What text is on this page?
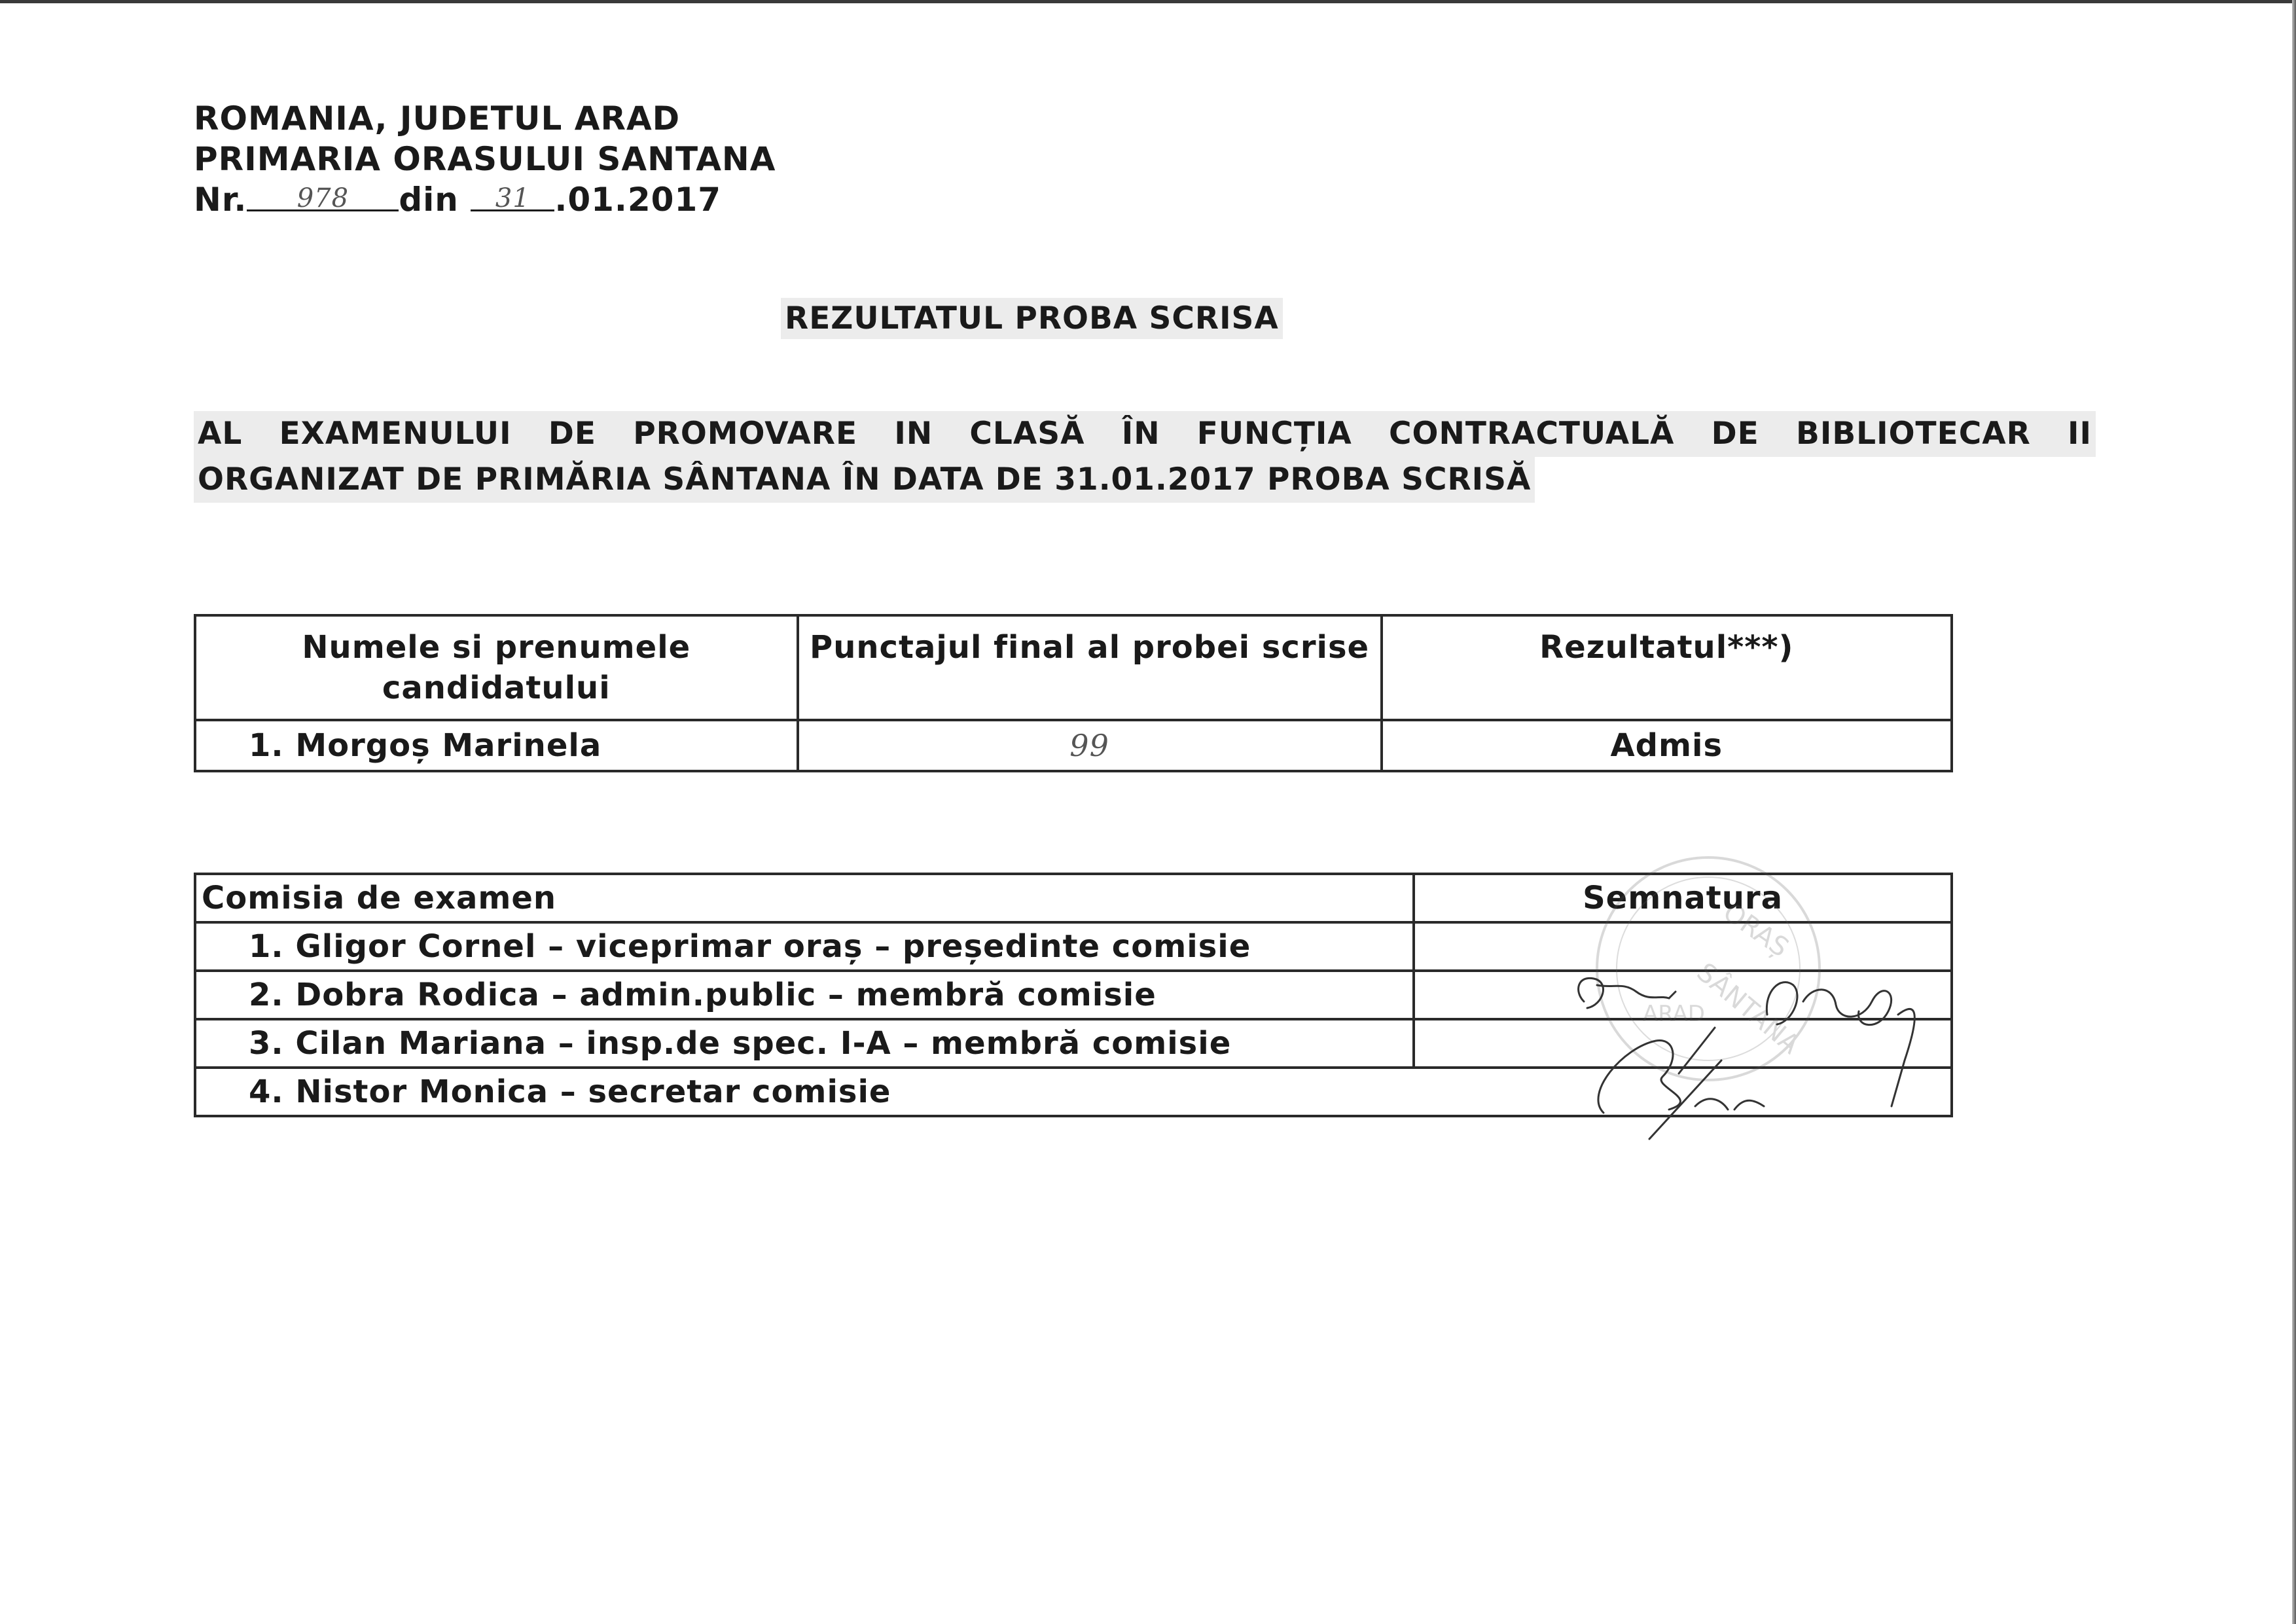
ROMANIA, JUDETUL ARAD
PRIMARIA ORASULUI SANTANA
Nr. 978 din 31 .01.2017
REZULTATUL PROBA SCRISA
AL EXAMENULUI DE PROMOVARE IN CLASĂ ÎN FUNCȚIA CONTRACTUALĂ DE BIBLIOTECAR II
ORGANIZAT DE PRIMĂRIA SÂNTANA ÎN DATA DE 31.01.2017 PROBA SCRISĂ
Numele si prenumele candidatului	Punctajul final al probei scrise	Rezultatul***)
1. Morgoș Marinela	99	Admis
Comisia de examen	Semnatura
1. Gligor Cornel – viceprimar oraș – președinte comisie	
2. Dobra Rodica – admin.public – membră comisie	
3. Cilan Mariana – insp.de spec. I-A – membră comisie	
4. Nistor Monica – secretar comisie	
ORAȘ
SÂNTANA
ARAD
